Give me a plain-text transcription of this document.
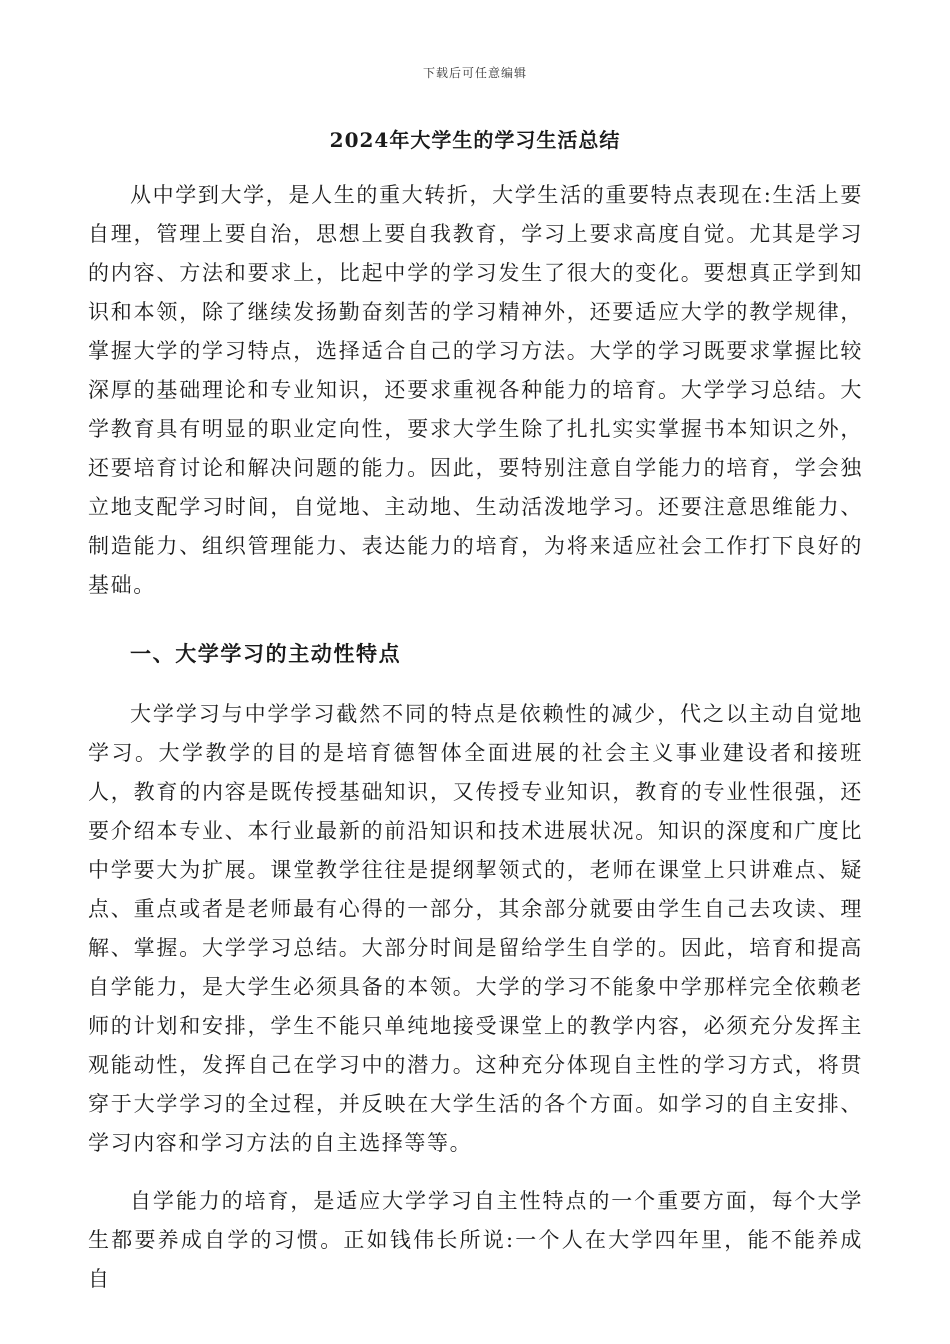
下载后可任意编辑
2024年大学生的学习生活总结

从中学到大学，是人生的重大转折，大学生活的重要特点表现在:生活上要自理，管理上要自治，思想上要自我教育，学习上要求高度自觉。尤其是学习的内容、方法和要求上，比起中学的学习发生了很大的变化。要想真正学到知识和本领，除了继续发扬勤奋刻苦的学习精神外，还要适应大学的教学规律，掌握大学的学习特点，选择适合自己的学习方法。大学的学习既要求掌握比较深厚的基础理论和专业知识，还要求重视各种能力的培育。大学学习总结。大学教育具有明显的职业定向性，要求大学生除了扎扎实实掌握书本知识之外，还要培育讨论和解决问题的能力。因此，要特别注意自学能力的培育，学会独立地支配学习时间，自觉地、主动地、生动活泼地学习。还要注意思维能力、制造能力、组织管理能力、表达能力的培育，为将来适应社会工作打下良好的基础。

一、大学学习的主动性特点

大学学习与中学学习截然不同的特点是依赖性的减少，代之以主动自觉地学习。大学教学的目的是培育德智体全面进展的社会主义事业建设者和接班人，教育的内容是既传授基础知识，又传授专业知识，教育的专业性很强，还要介绍本专业、本行业最新的前沿知识和技术进展状况。知识的深度和广度比中学要大为扩展。课堂教学往往是提纲挈领式的，老师在课堂上只讲难点、疑点、重点或者是老师最有心得的一部分，其余部分就要由学生自己去攻读、理解、掌握。大学学习总结。大部分时间是留给学生自学的。因此，培育和提高自学能力，是大学生必须具备的本领。大学的学习不能象中学那样完全依赖老师的计划和安排，学生不能只单纯地接受课堂上的教学内容，必须充分发挥主观能动性，发挥自己在学习中的潜力。这种充分体现自主性的学习方式，将贯穿于大学学习的全过程，并反映在大学生活的各个方面。如学习的自主安排、学习内容和学习方法的自主选择等等。

自学能力的培育，是适应大学学习自主性特点的一个重要方面，每个大学生都要养成自学的习惯。正如钱伟长所说:一个人在大学四年里，能不能养成自
